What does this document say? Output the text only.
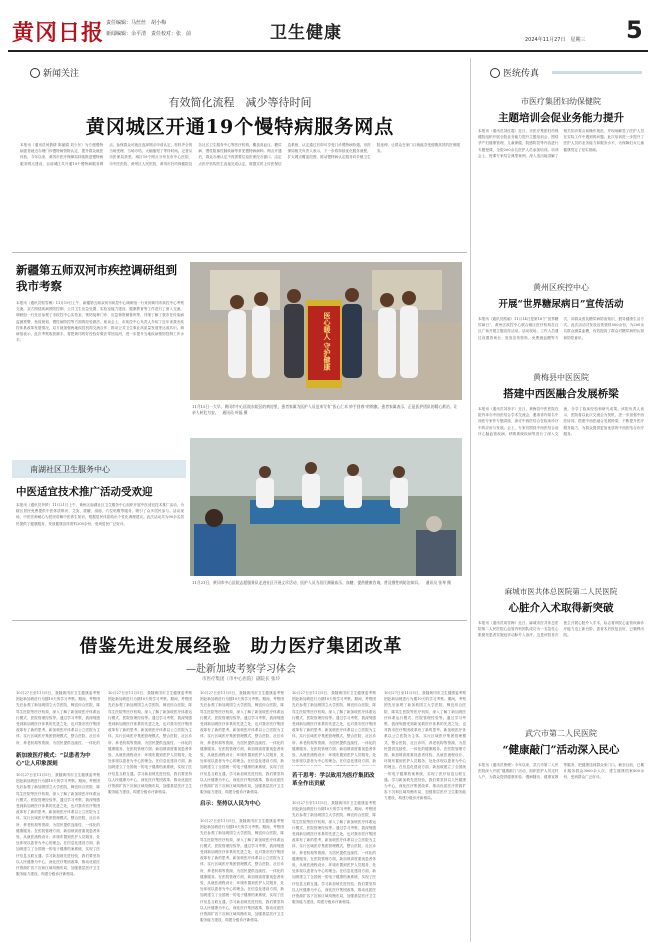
黄冈日报 责任编辑：马丝丝　胡小梅
新闻编辑：余平清　责任校对：张　前	卫生健康	2024年11月27日　星期三 5
新闻关注
有效简化流程　减少等待时间
黄冈城区开通19个慢特病服务网点
本报讯（通讯员何倩倩 陈丽娟 刘少东）为方便慢特病患者就近办理门诊慢特病资格认定，提升群众就医体验，今年以来，黄冈市医疗保障局持续推进慢特病服务网点建设，目前城区共开通19个慢特病服务网点。参保群众可就近选择网点申请认定，材料齐全的当场受理、当场办结，大幅缩短了等待时间。记者从市医保局获悉，城区19个网点分布在市中心医院、市中医医院、黄州区人民医院、黄冈市妇幼保健院及各社区卫生服务中心等医疗机构，覆盖高血压、糖尿病、慢性阻塞性肺疾病等常见慢特病病种。网点开通后，群众办理认定不再需要往返医保经办窗口，由定点医疗机构医生直接完成认定，数据实时上传医保信息系统，认定通过后即可享受门诊慢特病待遇。市医保局相关负责人表示，下一步将持续优化服务流程，扩大网点覆盖范围，推动慢特病认定服务向乡镇卫生院延伸，让群众在家门口就能享受便捷高效的医保服务。
新疆第五师双河市疾控调研组到我市考察
本报讯（通讯员郭雪梅）11月19日上午，新疆第五师双河市疾控中心调研组一行来到黄冈市疾控中心考察交流。双方围绕疾病预防控制、公共卫生应急处置、实验室能力建设、健康教育等工作进行了深入交流。调研组一行先后参观了市疾控中心实验室、预防接种门诊、应急物资储备库等，详细了解了我市在传染病监测预警、免疫规划、慢性病防控等方面的经验做法。座谈会上，市疾控中心负责人介绍了近年来我市疾控体系改革发展情况，双方就加强两地疾控机构交流合作、推动公共卫生事业高质量发展等达成共识。调研组表示，此次考察收获颇丰，将把黄冈的好经验好做法带回双河，进一步提升当地疾病预防控制工作水平。	医心暖人 守护健康
11月15日一大早，黄冈市中心医院东院区的病房里，患者家属为医护人员送来写有“医心仁术 妙手回春”的锦旗。患者家属表示，正是医护团队的精心救治，让亲人转危为安。　通讯员 叶磊 摄
南湖社区卫生服务中心
中医适宜技术推广活动受欢迎
本报讯（通讯员李梦）11月21日上午，黄州区南湖社区卫生服务中心组织开展中医适宜技术推广活动，为辖区居民免费提供中医体质辨识、艾灸、拔罐、刮痧、穴位贴敷等服务，吸引了众多居民参与。活动现场，中医医师耐心为居民讲解中医养生知识，根据居民体质给出个性化调理建议。此次活动共为90余名居民提供了健康服务，发放健康宣传资料200余份，受到居民广泛好评。
11月21日，黄冈市中心医院志愿服务队走进社区开展义诊活动，医护人员为居民测量血压、血糖，提供健康咨询，普及慢性病防治知识。　通讯员 张琴 摄
借鉴先进发展经验　助力医疗集团改革
—赴新加坡考察学习体会
市医疗集团（市中心医院）副院长 张玲
10月27日至11月5日，我随黄冈市卫生健康委考察团赴新加坡进行为期10天的学习考察。期间，考察团先后参观了新加坡国立大学医院、樟宜综合医院、陈笃生医院等医疗机构，深入了解了新加坡医疗体系运行模式、医院管理经验等。通过学习考察，我深刻感受到新加坡医疗体系的先进之处，也对我市医疗集团改革有了新的思考。新加坡医疗体系以公立医院为主体，实行区域医疗集团管理模式，整合医院、社区诊所、养老机构等资源，为居民提供连续性、一体化的
新加坡医疗模式：“以患者为中心”让人印象深刻
10月27日至11月5日，我随黄冈市卫生健康委考察团赴新加坡进行为期10天的学习考察。期间，考察团先后参观了新加坡国立大学医院、樟宜综合医院、陈笃生医院等医疗机构，深入了解了新加坡医疗体系运行模式、医院管理经验等。通过学习考察，我深刻感受到新加坡医疗体系的先进之处，也对我市医疗集团改革有了新的思考。新加坡医疗体系以公立医院为主体，实行区域医疗集团管理模式，整合医院、社区诊所、养老机构等资源，为居民提供连续性、一体化的健康服务。在医院管理方面，新加坡高度重视患者体验，从就医流程设计、环境布置到医护人员服务，处处体现以患者为中心的理念。在信息化建设方面，新加坡建立了全国统一的电子健康档案系统，实现了医疗信息互联互通。学习新加坡先进经验，我们要坚持以人民健康为中心，深化医疗集团改革，推动优质医疗资源扩容下沉和区域均衡布局，加强基层医疗卫生服务能力建设，构建分级诊疗新格局。
10月27日至11月5日，我随黄冈市卫生健康委考察团赴新加坡进行为期10天的学习考察。期间，考察团先后参观了新加坡国立大学医院、樟宜综合医院、陈笃生医院等医疗机构，深入了解了新加坡医疗体系运行模式、医院管理经验等。通过学习考察，我深刻感受到新加坡医疗体系的先进之处，也对我市医疗集团改革有了新的思考。新加坡医疗体系以公立医院为主体，实行区域医疗集团管理模式，整合医院、社区诊所、养老机构等资源，为居民提供连续性、一体化的健康服务。在医院管理方面，新加坡高度重视患者体验，从就医流程设计、环境布置到医护人员服务，处处体现以患者为中心的理念。在信息化建设方面，新加坡建立了全国统一的电子健康档案系统，实现了医疗信息互联互通。学习新加坡先进经验，我们要坚持以人民健康为中心，深化医疗集团改革，推动优质医疗资源扩容下沉和区域均衡布局，加强基层医疗卫生服务能力建设，构建分级诊疗新格局。
10月27日至11月5日，我随黄冈市卫生健康委考察团赴新加坡进行为期10天的学习考察。期间，考察团先后参观了新加坡国立大学医院、樟宜综合医院、陈笃生医院等医疗机构，深入了解了新加坡医疗体系运行模式、医院管理经验等。通过学习考察，我深刻感受到新加坡医疗体系的先进之处，也对我市医疗集团改革有了新的思考。新加坡医疗体系以公立医院为主体，实行区域医疗集团管理模式，整合医院、社区诊所、养老机构等资源，为居民提供连续性、一体化的健康服务。在医院管理方面，新加坡高度重视患者体验，从就医流程设计、环境布置到医护人员服务，处处体现以患者为中心的理念。在信息化建设方面，新加坡建立了全国统一的电子健康档案系统，实现了医疗信息互联互通。学习新加坡先进经验，我们要坚持以人民健康为中心，深化医疗集团改革，推动优质医疗资源扩容下沉和区域均衡布局，加强基层医疗卫生服务能力建设，构建分级诊疗新格局。
启示：坚持以人民为中心
10月27日至11月5日，我随黄冈市卫生健康委考察团赴新加坡进行为期10天的学习考察。期间，考察团先后参观了新加坡国立大学医院、樟宜综合医院、陈笃生医院等医疗机构，深入了解了新加坡医疗体系运行模式、医院管理经验等。通过学习考察，我深刻感受到新加坡医疗体系的先进之处，也对我市医疗集团改革有了新的思考。新加坡医疗体系以公立医院为主体，实行区域医疗集团管理模式，整合医院、社区诊所、养老机构等资源，为居民提供连续性、一体化的健康服务。在医院管理方面，新加坡高度重视患者体验，从就医流程设计、环境布置到医护人员服务，处处体现以患者为中心的理念。在信息化建设方面，新加坡建立了全国统一的电子健康档案系统，实现了医疗信息互联互通。学习新加坡先进经验，我们要坚持以人民健康为中心，深化医疗集团改革，推动优质医疗资源扩容下沉和区域均衡布局，加强基层医疗卫生服务能力建设，构建分级诊疗新格局。
10月27日至11月5日，我随黄冈市卫生健康委考察团赴新加坡进行为期10天的学习考察。期间，考察团先后参观了新加坡国立大学医院、樟宜综合医院、陈笃生医院等医疗机构，深入了解了新加坡医疗体系运行模式、医院管理经验等。通过学习考察，我深刻感受到新加坡医疗体系的先进之处，也对我市医疗集团改革有了新的思考。新加坡医疗体系以公立医院为主体，实行区域医疗集团管理模式，整合医院、社区诊所、养老机构等资源，为居民提供连续性、一体化的健康服务。在医院管理方面，新加坡高度重视患者体验，从就医流程设计、环境布置到医护人员服务，处处体现以患者为中心的理念。在信息化建设方面，新
若干思考：学以致用为医疗集团改革全作出贡献
10月27日至11月5日，我随黄冈市卫生健康委考察团赴新加坡进行为期10天的学习考察。期间，考察团先后参观了新加坡国立大学医院、樟宜综合医院、陈笃生医院等医疗机构，深入了解了新加坡医疗体系运行模式、医院管理经验等。通过学习考察，我深刻感受到新加坡医疗体系的先进之处，也对我市医疗集团改革有了新的思考。新加坡医疗体系以公立医院为主体，实行区域医疗集团管理模式，整合医院、社区诊所、养老机构等资源，为居民提供连续性、一体化的健康服务。在医院管理方面，新加坡高度重视患者体验，从就医流程设计、环境布置到医护人员服务，处处体现以患者为中心的理念。在信息化建设方面，新加坡建立了全国统一的电子健康档案系统，实现了医疗信息互联互通。学习新加坡先进经验，我们要坚持以人民健康为中心，深化医疗集团改革，推动优质医疗资源扩容下沉和区域均衡布局，加强基层医疗卫生服务能力建设，构建分级诊疗新格局。
10月27日至11月5日，我随黄冈市卫生健康委考察团赴新加坡进行为期10天的学习考察。期间，考察团先后参观了新加坡国立大学医院、樟宜综合医院、陈笃生医院等医疗机构，深入了解了新加坡医疗体系运行模式、医院管理经验等。通过学习考察，我深刻感受到新加坡医疗体系的先进之处，也对我市医疗集团改革有了新的思考。新加坡医疗体系以公立医院为主体，实行区域医疗集团管理模式，整合医院、社区诊所、养老机构等资源，为居民提供连续性、一体化的健康服务。在医院管理方面，新加坡高度重视患者体验，从就医流程设计、环境布置到医护人员服务，处处体现以患者为中心的理念。在信息化建设方面，新加坡建立了全国统一的电子健康档案系统，实现了医疗信息互联互通。学习新加坡先进经验，我们要坚持以人民健康为中心，深化医疗集团改革，推动优质医疗资源扩容下沉和区域均衡布局，加强基层医疗卫生服务能力建设，构建分级诊疗新格局。
医统传真
市医疗集团妇幼保健院
主题培训会促业务能力提升
本报讯（通讯员刘红霞）近日，市医疗集团妇幼保健院组织开展全院业务能力提升主题培训会，围绕孕产妇健康管理、儿童保健、院感防控等内容进行专题授课，全院200余名医护人员参加培训。培训会上，授课专家结合典型案例，深入浅出地讲解了相关知识要点和操作规范，并现场解答了医护人员在实际工作中遇到的问题。此次培训进一步提升了医护人员的业务能力和服务水平，为保障妇女儿童健康奠定了坚实基础。
黄州区疾控中心
开展“世界糖尿病日”宣传活动
本报讯（通讯员熊丽）11月14日是第18个“世界糖尿病日”，黄州区疾控中心联合辖区医疗机构在社区广场开展主题宣传活动。活动现场，工作人员通过设置咨询台、发放宣传资料、免费测血糖等方式，向群众普及糖尿病防治知识，倡导健康生活方式。此次活动共发放宣传资料500余份，为200余名群众测量血糖，有效提高了群众对糖尿病的认知和防控意识。
黄梅县中医医院
搭建中西医融合发展桥梁
本报讯（通讯员刘李平）近日，黄梅县中医医院在院内举办中西医结合学术交流会，邀请省内知名中西医专家作专题讲座，探讨中西医结合在临床诊疗中的应用与发展。会上，专家们围绕中西医结合治疗心脑血管疾病、呼吸系统疾病等进行了深入交流，分享了临床经验和研究成果。该院负责人表示，医院将以此次交流会为契机，进一步加强中西医协同，搭建中西医融合发展桥梁，不断提升医疗服务能力，为群众提供更加优质的中西医结合诊疗服务。
麻城市医共体总医院第二人民医院
心脏介入术取得新突破
本报讯（通讯员周雪梅）近日，麻城市医共体总医院第二人民医院心血管内科团队成功为一名急性心肌梗死患者实施冠状动脉介入治疗，这是该院首次独立开展心脏介入手术，标志着该院心血管疾病诊疗能力迈上新台阶。患者术后恢复良好，已顺利出院。
武穴市第二人民医院
“健康敲门”活动深入民心
本报讯（通讯员鲁俊）今年以来，武穴市第二人民医院深入开展“健康敲门”活动，组织医护人员走村入户，为群众提供健康体检、慢病随访、健康宣教等服务，把健康送到群众家门口。截至目前，已累计服务群众3000余人次，建立健康档案800余份，受到群众广泛好评。
